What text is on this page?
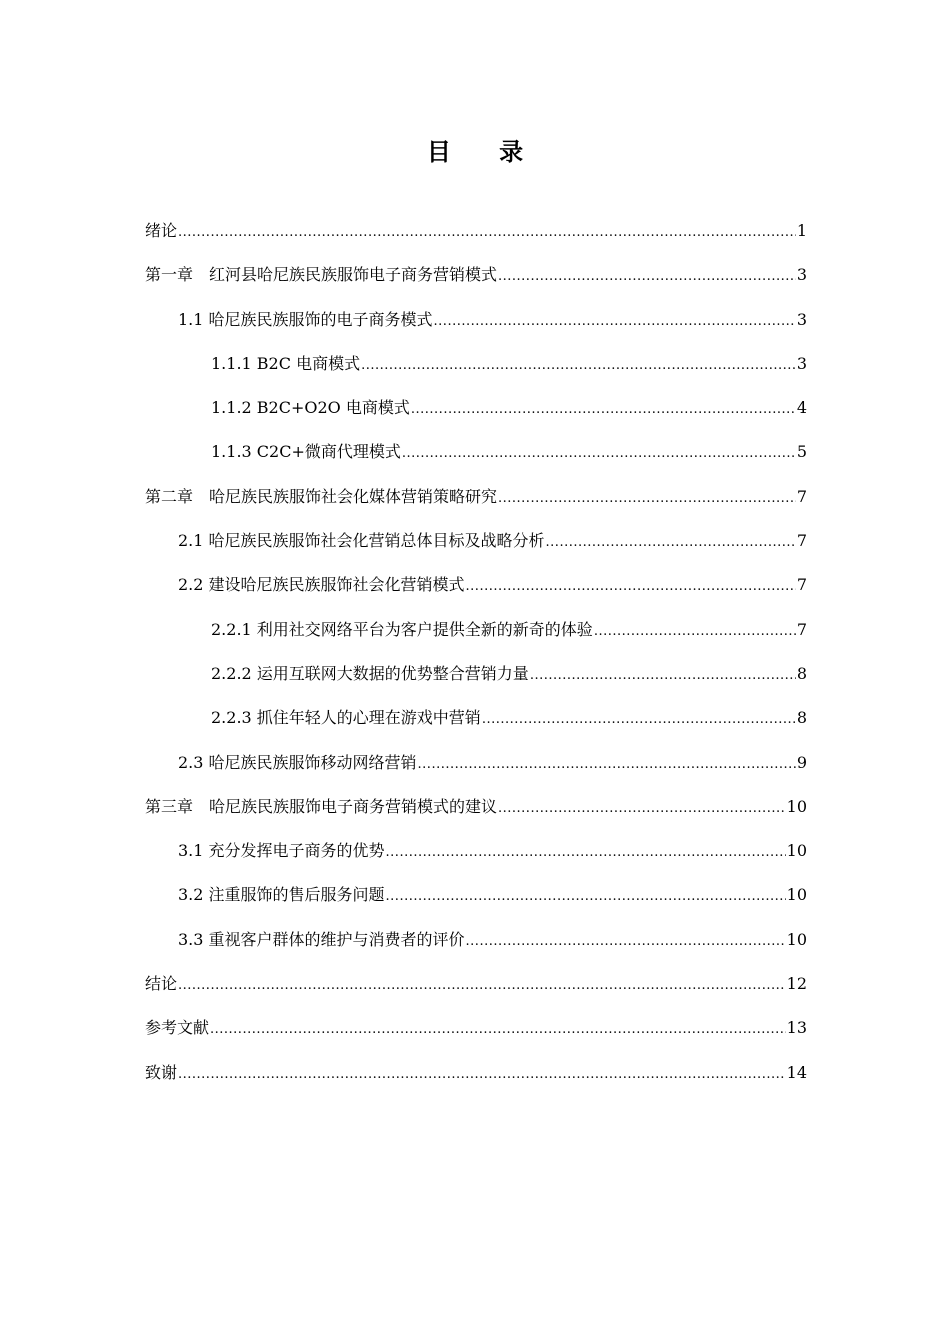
目 录
绪论 .....	1
第一章　红河县哈尼族民族服饰电子商务营销模式 .....	3
1.1 哈尼族民族服饰的电子商务模式 .....	3
1.1.1 B2C 电商模式 .....	3
1.1.2 B2C+O2O 电商模式 .....	4
1.1.3 C2C+微商代理模式 .....	5
第二章　哈尼族民族服饰社会化媒体营销策略研究 .....	7
2.1 哈尼族民族服饰社会化营销总体目标及战略分析 .....	7
2.2 建设哈尼族民族服饰社会化营销模式 .....	7
2.2.1 利用社交网络平台为客户提供全新的新奇的体验 .....	7
2.2.2 运用互联网大数据的优势整合营销力量 .....	8
2.2.3 抓住年轻人的心理在游戏中营销 .....	8
2.3 哈尼族民族服饰移动网络营销 .....	9
第三章　哈尼族民族服饰电子商务营销模式的建议 .....	10
3.1 充分发挥电子商务的优势 .....	10
3.2 注重服饰的售后服务问题 .....	10
3.3 重视客户群体的维护与消费者的评价 .....	10
结论 .....	12
参考文献 .....	13
致谢 .....	14
